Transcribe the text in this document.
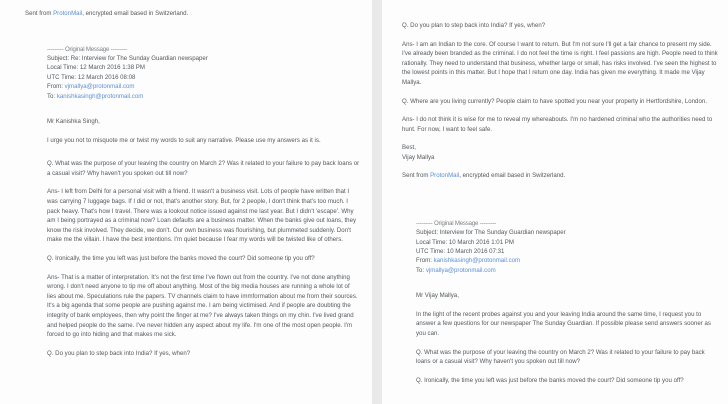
Sent from ProtonMail, encrypted email based in Switzerland.
--------- Original Message ---------
Subject: Re: Interview for The Sunday Guardian newspaper
Local Time: 12 March 2016 1:38 PM
UTC Time: 12 March 2016 08:08
From: vjmallya@protonmail.com
To: kanishkasingh@protonmail.com
Mr Kanishka Singh,

I urge you not to misquote me or twist my words to suit any narrative. Please use my answers as it is.

Q. What was the purpose of your leaving the country on March 2? Was it related to your failure to pay back loans or a casual visit? Why haven't you spoken out till now?

Ans- I left from Delhi for a personal visit with a friend. It wasn't a business visit. Lots of people have written that I was carrying 7 luggage bags. If I did or not, that's another story. But, for 2 people, I don't think that's too much. I pack heavy. That's how I travel. There was a lookout notice issued against me last year. But I didn't 'escape'. Why am I being portrayed as a criminal now? Loan defaults are a business matter. When the banks give out loans, they know the risk involved. They decide, we don't. Our own business was flourishing, but plummeted suddenly. Don't make me the villain. I have the best intentions. I'm quiet because I fear my words will be twisted like of others.

Q. Ironically, the time you left was just before the banks moved the court? Did someone tip you off?

Ans- That is a matter of interpretation. It's not the first time I've flown out from the country. I've not done anything wrong. I don't need anyone to tip me off about anything. Most of the big media houses are running a whole lot of lies about me. Speculations rule the papers. TV channels claim to have immformation about me from their sources. It's a big agenda that some people are pushing against me. I am being victimised. And if people are doubting the integrity of bank employees, then why point the finger at me? I've always taken things on my chin. I've lived grand and helped people do the same. I've never hidden any aspect about my life. I'm one of the most open people. I'm forced to go into hiding and that makes me sick.

Q. Do you plan to step back into India? If yes, when?

Q. Do you plan to step back into India? If yes, when?

Ans- I am an Indian to the core. Of course I want to return. But I'm not sure I'll get a fair chance to present my side. I've already been branded as the criminal. I do not feel the time is right. I feel passions are high. People need to think rationally. They need to understand that business, whether large or small, has risks involved. I've seen the highest to the lowest points in this matter. But I hope that I return one day. India has given me everything. It made me Vijay Mallya.

Q. Where are you living currently? People claim to have spotted you near your property in Hertfordshire, London.

Ans- I do not think it is wise for me to reveal my whereabouts. I'm no hardened criminal who the authorities need to hunt. For now, I want to feel safe.

Best,
Vijay Mallya
Sent from ProtonMail, encrypted email based in Switzerland.
--------- Original Message ---------
Subject: Interview for The Sunday Guardian newspaper
Local Time: 10 March 2016 1:01 PM
UTC Time: 10 March 2016 07:31
From: kanishkasingh@protonmail.com
To: vjmallya@protonmail.com
Mr Vijay Mallya,

In the light of the recent probes against you and your leaving India around the same time, I request you to answer a few questions for our newspaper The Sunday Guardian. If possible please send answers sooner as you can.

Q. What was the purpose of your leaving the country on March 2? Was it related to your failure to pay back loans or a casual visit? Why haven't you spoken out till now?

Q. Ironically, the time you left was just before the banks moved the court? Did someone tip you off?
